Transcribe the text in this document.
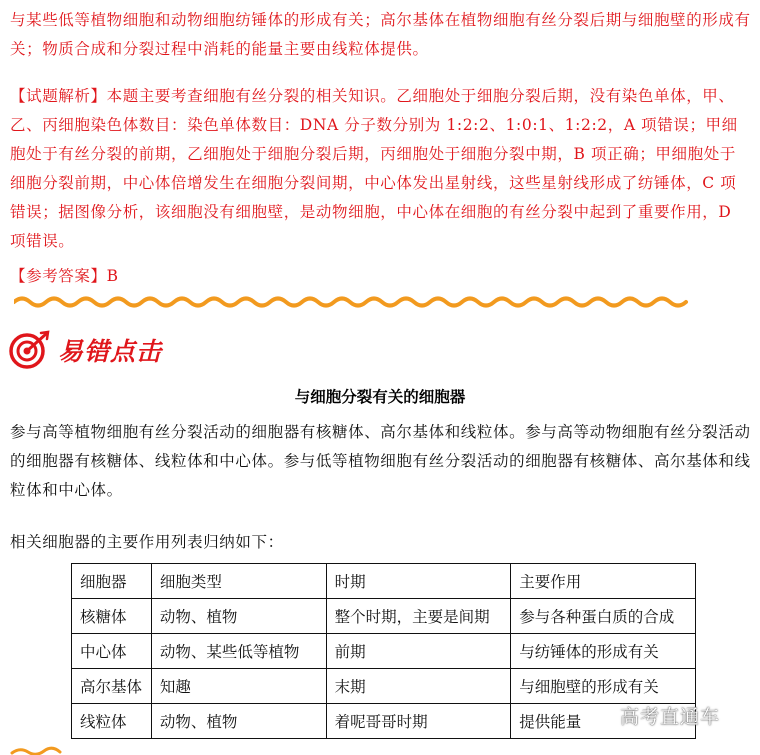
与某些低等植物细胞和动物细胞纺锤体的形成有关；高尔基体在植物细胞有丝分裂后期与细胞壁的形成有关；物质合成和分裂过程中消耗的能量主要由线粒体提供。
【试题解析】本题主要考查细胞有丝分裂的相关知识。乙细胞处于细胞分裂后期，没有染色单体，甲、乙、丙细胞染色体数目：染色单体数目：DNA 分子数分别为 1:2:2、1:0:1、1:2:2，A 项错误；甲细胞处于有丝分裂的前期，乙细胞处于细胞分裂后期，丙细胞处于细胞分裂中期，B 项正确；甲细胞处于细胞分裂前期，中心体倍增发生在细胞分裂间期，中心体发出星射线，这些星射线形成了纺锤体，C 项错误；据图像分析，该细胞没有细胞壁，是动物细胞，中心体在细胞的有丝分裂中起到了重要作用，D 项错误。
【参考答案】B
易错点击
与细胞分裂有关的细胞器
参与高等植物细胞有丝分裂活动的细胞器有核糖体、高尔基体和线粒体。参与高等动物细胞有丝分裂活动的细胞器有核糖体、线粒体和中心体。参与低等植物细胞有丝分裂活动的细胞器有核糖体、高尔基体和线粒体和中心体。
相关细胞器的主要作用列表归纳如下：
细胞器	细胞类型	时期	主要作用
核糖体	动物、植物	整个时期，主要是间期	参与各种蛋白质的合成
中心体	动物、某些低等植物	前期	与纺锤体的形成有关
高尔基体	知趣	末期	与细胞壁的形成有关
线粒体	动物、植物	着呢哥哥时期	提供能量 高考直通车
